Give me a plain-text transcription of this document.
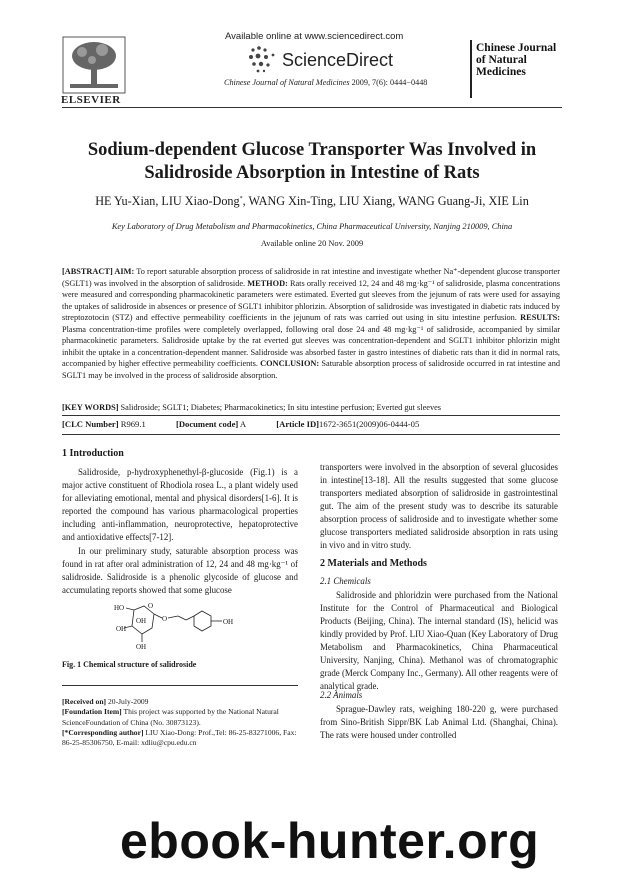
Available online at www.sciencedirect.com
ScienceDirect
Chinese Journal of Natural Medicines 2009, 7(6): 0444−0448
ELSEVIER
Chinese Journal of Natural Medicines
Sodium-dependent Glucose Transporter Was Involved in Salidroside Absorption in Intestine of Rats
HE Yu-Xian, LIU Xiao-Dong*, WANG Xin-Ting, LIU Xiang, WANG Guang-Ji, XIE Lin
Key Laboratory of Drug Metabolism and Pharmacokinetics, China Pharmaceutical University, Nanjing 210009, China
Available online 20 Nov. 2009
[ABSTRACT] AIM: To report saturable absorption process of salidroside in rat intestine and investigate whether Na⁺-dependent glucose transporter (SGLT1) was involved in the absorption of salidroside. METHOD: Rats orally received 12, 24 and 48 mg·kg⁻¹ of salidroside, plasma concentrations were measured and corresponding pharmacokinetic parameters were estimated. Everted gut sleeves from the jejunum of rats were used for assaying the uptakes of salidroside in absences or presence of SGLT1 inhibitor phlorizin. Absorption of salidroside was investigated in diabetic rats induced by streptozotocin (STZ) and effective permeability coefficients in the jejunum of rats was carried out using in situ intestine perfusion. RESULTS: Plasma concentration-time profiles were completely overlapped, following oral dose 24 and 48 mg·kg⁻¹ of salidroside, accompanied by similar pharmacokinetic parameters. Salidroside uptake by the rat everted gut sleeves was concentration-dependent and SGLT1 inhibitor phlorizin might inhibit the uptake in a concentration-dependent manner. Salidroside was absorbed faster in gastro intestines of diabetic rats than it did in normal rats, accompanied by higher effective permeability coefficients. CONCLUSION: Saturable absorption process of salidroside occurred in rat intestine and SGLT1 may be involved in the process of salidroside absorption.
[KEY WORDS] Salidroside; SGLT1; Diabetes; Pharmacokinetics; In situ intestine perfusion; Everted gut sleeves
[CLC Number] R969.1	[Document code] A	[Article ID]1672-3651(2009)06-0444-05
1 Introduction

Salidroside, p-hydroxyphenethyl-β-glucoside (Fig.1) is a major active constituent of Rhodiola rosea L., a plant widely used for alleviating emotional, mental and physical disorders[1-6]. It is reported the compound has various pharmacological properties including anti-inflammation, neuroprotective, hepatoprotective and antioxidative effects[7-12].

In our preliminary study, saturable absorption process was found in rat after oral administration of 12, 24 and 48 mg·kg⁻¹ of salidroside. Salidroside is a phenolic glycoside of glucose and accumulating reports showed that some glucose

HO
OH
OH
OH
O
O	OH
Fig. 1 Chemical structure of salidroside
[Received on] 20-July-2009
[Foundation Item] This project was supported by the National Natural ScienceFoundation of China (No. 30873123).
[*Corresponding author] LIU Xiao-Dong: Prof.,Tel: 86-25-83271006, Fax: 86-25-85306750, E-mail: xdliu@cpu.edu.cn

transporters were involved in the absorption of several glucosides in intestine[13-18]. All the results suggested that some glucose transporters mediated absorption of salidroside in gastrointestinal gut. The aim of the present study was to describe its saturable absorption process of salidroside and to investigate whether some glucose transporters mediated salidroside absorption in rats using in vivo and in vitro study.

2 Materials and Methods
2.1 Chemicals

Salidroside and phloridzin were purchased from the National Institute for the Control of Pharmaceutical and Biological Products (Beijing, China). The internal standard (IS), helicid was kindly provided by Prof. LIU Xiao-Quan (Key Laboratory of Drug Metabolism and Pharmacokinetics, China Pharmaceutical University, Nanjing, China). Methanol was of chromatographic grade (Merck Company Inc., Germany). All other reagents were of analytical grade.

2.2 Animals

Sprague-Dawley rats, weighing 180-220 g, were purchased from Sino-British Sippr/BK Lab Animal Ltd. (Shanghai, China). The rats were housed under controlled

ebook-hunter.org
